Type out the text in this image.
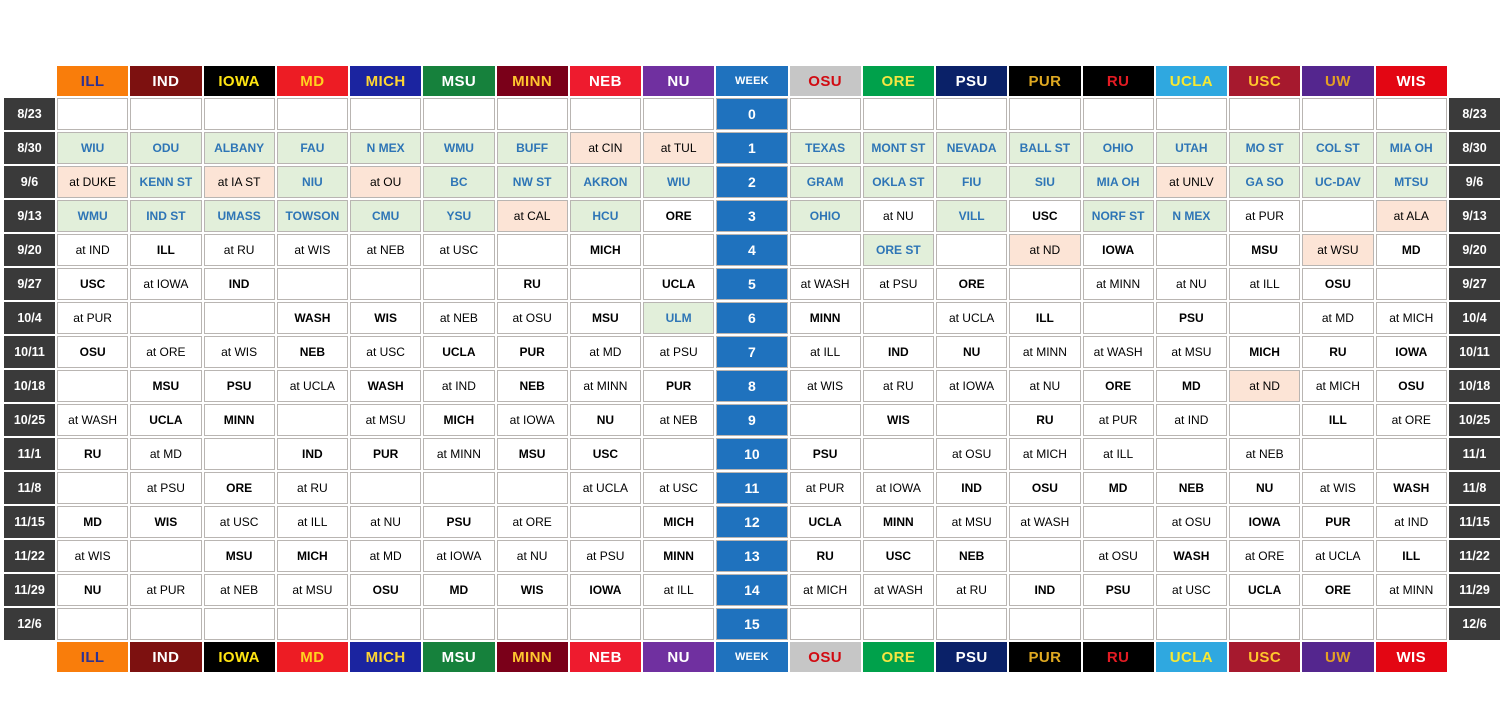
	ILL	IND	IOWA	MD	MICH	MSU	MINN	NEB	NU	WEEK	OSU	ORE	PSU	PUR	RU	UCLA	USC	UW	WIS	
8/23										0										8/23
8/30	WIU	ODU	ALBANY	FAU	N MEX	WMU	BUFF	at CIN	at TUL	1	TEXAS	MONT ST	NEVADA	BALL ST	OHIO	UTAH	MO ST	COL ST	MIA OH	8/30
9/6	at DUKE	KENN ST	at IA ST	NIU	at OU	BC	NW ST	AKRON	WIU	2	GRAM	OKLA ST	FIU	SIU	MIA OH	at UNLV	GA SO	UC-DAV	MTSU	9/6
9/13	WMU	IND ST	UMASS	TOWSON	CMU	YSU	at CAL	HCU	ORE	3	OHIO	at NU	VILL	USC	NORF ST	N MEX	at PUR		at ALA	9/13
9/20	at IND	ILL	at RU	at WIS	at NEB	at USC		MICH		4		ORE ST		at ND	IOWA		MSU	at WSU	MD	9/20
9/27	USC	at IOWA	IND				RU		UCLA	5	at WASH	at PSU	ORE		at MINN	at NU	at ILL	OSU		9/27
10/4	at PUR			WASH	WIS	at NEB	at OSU	MSU	ULM	6	MINN		at UCLA	ILL		PSU		at MD	at MICH	10/4
10/11	OSU	at ORE	at WIS	NEB	at USC	UCLA	PUR	at MD	at PSU	7	at ILL	IND	NU	at MINN	at WASH	at MSU	MICH	RU	IOWA	10/11
10/18		MSU	PSU	at UCLA	WASH	at IND	NEB	at MINN	PUR	8	at WIS	at RU	at IOWA	at NU	ORE	MD	at ND	at MICH	OSU	10/18
10/25	at WASH	UCLA	MINN		at MSU	MICH	at IOWA	NU	at NEB	9		WIS		RU	at PUR	at IND		ILL	at ORE	10/25
11/1	RU	at MD		IND	PUR	at MINN	MSU	USC		10	PSU		at OSU	at MICH	at ILL		at NEB			11/1
11/8		at PSU	ORE	at RU				at UCLA	at USC	11	at PUR	at IOWA	IND	OSU	MD	NEB	NU	at WIS	WASH	11/8
11/15	MD	WIS	at USC	at ILL	at NU	PSU	at ORE		MICH	12	UCLA	MINN	at MSU	at WASH		at OSU	IOWA	PUR	at IND	11/15
11/22	at WIS		MSU	MICH	at MD	at IOWA	at NU	at PSU	MINN	13	RU	USC	NEB		at OSU	WASH	at ORE	at UCLA	ILL	11/22
11/29	NU	at PUR	at NEB	at MSU	OSU	MD	WIS	IOWA	at ILL	14	at MICH	at WASH	at RU	IND	PSU	at USC	UCLA	ORE	at MINN	11/29
12/6										15										12/6
	ILL	IND	IOWA	MD	MICH	MSU	MINN	NEB	NU	WEEK	OSU	ORE	PSU	PUR	RU	UCLA	USC	UW	WIS	
